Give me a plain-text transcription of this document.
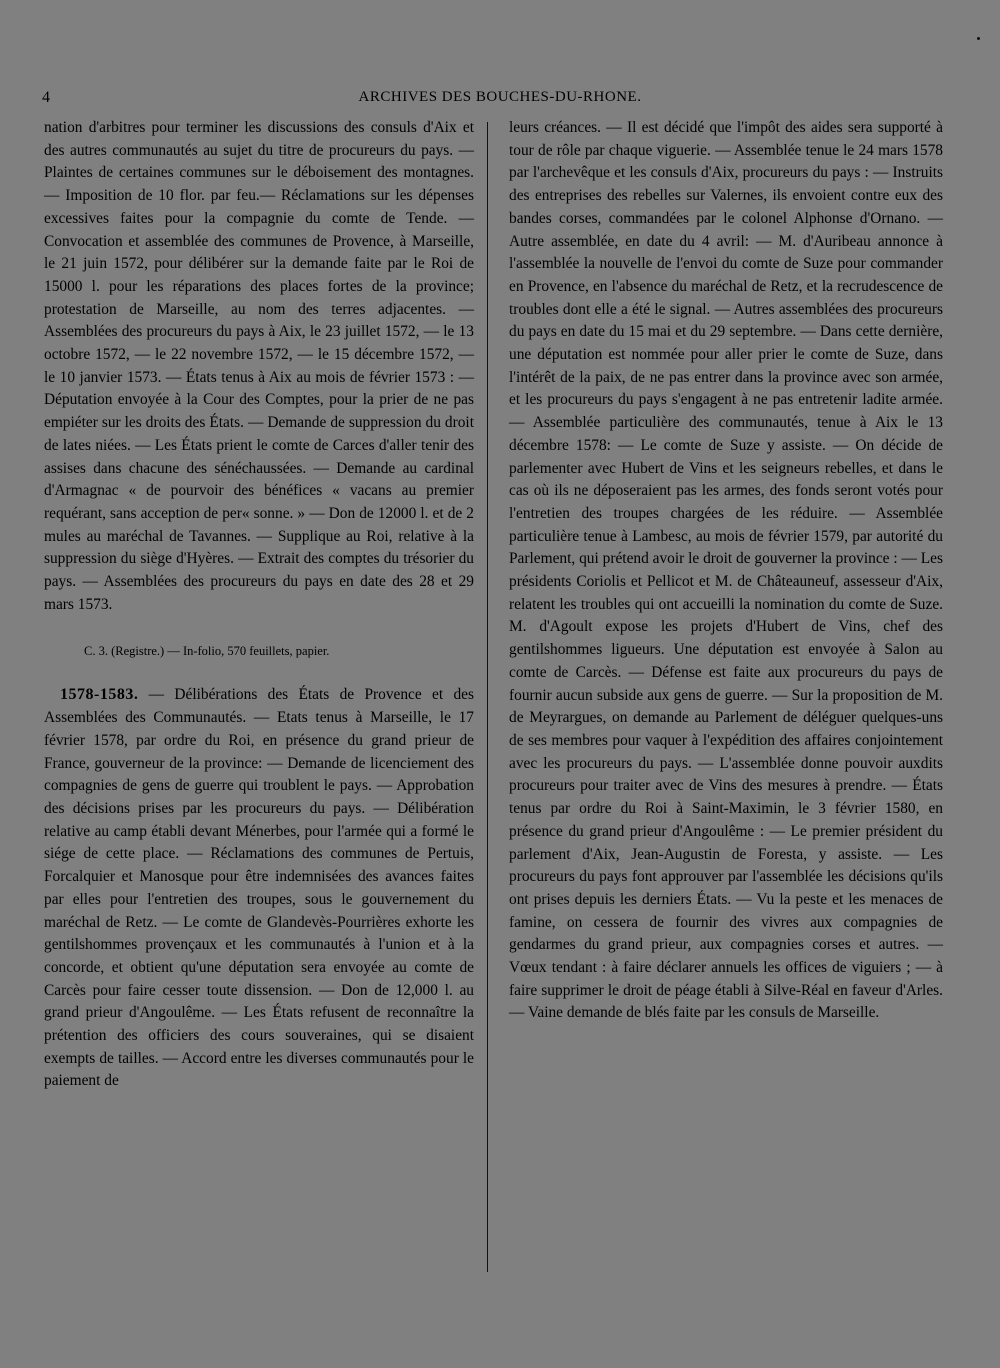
4	ARCHIVES DES BOUCHES-DU-RHONE.

nation d'arbitres pour terminer les discussions des consuls d'Aix et des autres communautés au sujet du titre de procureurs du pays. — Plaintes de certaines communes sur le déboisement des montagnes. — Imposition de 10 flor. par feu.— Réclamations sur les dépenses excessives faites pour la compagnie du comte de Tende. — Convocation et assemblée des communes de Provence, à Marseille, le 21 juin 1572, pour délibérer sur la demande faite par le Roi de 15000 l. pour les réparations des places fortes de la province; protestation de Marseille, au nom des terres adjacentes. — Assemblées des procureurs du pays à Aix, le 23 juillet 1572, — le 13 octobre 1572, — le 22 novembre 1572, — le 15 décembre 1572, — le 10 janvier 1573. — États tenus à Aix au mois de février 1573 : — Députation envoyée à la Cour des Comptes, pour la prier de ne pas empiéter sur les droits des États. — Demande de suppression du droit de lates niées. — Les États prient le comte de Carces d'aller tenir des assises dans chacune des sénéchaussées. — Demande au cardinal d'Armagnac « de pourvoir des bénéfices « vacans au premier requérant, sans acception de per« sonne. » — Don de 12000 l. et de 2 mules au maréchal de Tavannes. — Supplique au Roi, relative à la suppression du siège d'Hyères. — Extrait des comptes du trésorier du pays. — Assemblées des procureurs du pays en date des 28 et 29 mars 1573.

C. 3. (Registre.) — In-folio, 570 feuillets, papier.

1578-1583. — Délibérations des États de Provence et des Assemblées des Communautés. — Etats tenus à Marseille, le 17 février 1578, par ordre du Roi, en présence du grand prieur de France, gouverneur de la province: — Demande de licenciement des compagnies de gens de guerre qui troublent le pays. — Approbation des décisions prises par les procureurs du pays. — Délibération relative au camp établi devant Ménerbes, pour l'armée qui a formé le siége de cette place. — Réclamations des communes de Pertuis, Forcalquier et Manosque pour être indemnisées des avances faites par elles pour l'entretien des troupes, sous le gouvernement du maréchal de Retz. — Le comte de Glandevès-Pourrières exhorte les gentilshommes provençaux et les communautés à l'union et à la concorde, et obtient qu'une députation sera envoyée au comte de Carcès pour faire cesser toute dissension. — Don de 12,000 l. au grand prieur d'Angoulême. — Les États refusent de reconnaître la prétention des officiers des cours souveraines, qui se disaient exempts de tailles. — Accord entre les diverses communautés pour le paiement de

leurs créances. — Il est décidé que l'impôt des aides sera supporté à tour de rôle par chaque viguerie. — Assemblée tenue le 24 mars 1578 par l'archevêque et les consuls d'Aix, procureurs du pays : — Instruits des entreprises des rebelles sur Valernes, ils envoient contre eux des bandes corses, commandées par le colonel Alphonse d'Ornano. — Autre assemblée, en date du 4 avril: — M. d'Auribeau annonce à l'assemblée la nouvelle de l'envoi du comte de Suze pour commander en Provence, en l'absence du maréchal de Retz, et la recrudescence de troubles dont elle a été le signal. — Autres assemblées des procureurs du pays en date du 15 mai et du 29 septembre. — Dans cette dernière, une députation est nommée pour aller prier le comte de Suze, dans l'intérêt de la paix, de ne pas entrer dans la province avec son armée, et les procureurs du pays s'engagent à ne pas entretenir ladite armée. — Assemblée particulière des communautés, tenue à Aix le 13 décembre 1578: — Le comte de Suze y assiste. — On décide de parlementer avec Hubert de Vins et les seigneurs rebelles, et dans le cas où ils ne déposeraient pas les armes, des fonds seront votés pour l'entretien des troupes chargées de les réduire. — Assemblée particulière tenue à Lambesc, au mois de février 1579, par autorité du Parlement, qui prétend avoir le droit de gouverner la province : — Les présidents Coriolis et Pellicot et M. de Châteauneuf, assesseur d'Aix, relatent les troubles qui ont accueilli la nomination du comte de Suze. M. d'Agoult expose les projets d'Hubert de Vins, chef des gentilshommes ligueurs. Une députation est envoyée à Salon au comte de Carcès. — Défense est faite aux procureurs du pays de fournir aucun subside aux gens de guerre. — Sur la proposition de M. de Meyrargues, on demande au Parlement de déléguer quelques-uns de ses membres pour vaquer à l'expédition des affaires conjointement avec les procureurs du pays. — L'assemblée donne pouvoir auxdits procureurs pour traiter avec de Vins des mesures à prendre. — États tenus par ordre du Roi à Saint-Maximin, le 3 février 1580, en présence du grand prieur d'Angoulême : — Le premier président du parlement d'Aix, Jean-Augustin de Foresta, y assiste. — Les procureurs du pays font approuver par l'assemblée les décisions qu'ils ont prises depuis les derniers États. — Vu la peste et les menaces de famine, on cessera de fournir des vivres aux compagnies de gendarmes du grand prieur, aux compagnies corses et autres. — Vœux tendant : à faire déclarer annuels les offices de viguiers ; — à faire supprimer le droit de péage établi à Silve-Réal en faveur d'Arles. — Vaine demande de blés faite par les consuls de Marseille.
